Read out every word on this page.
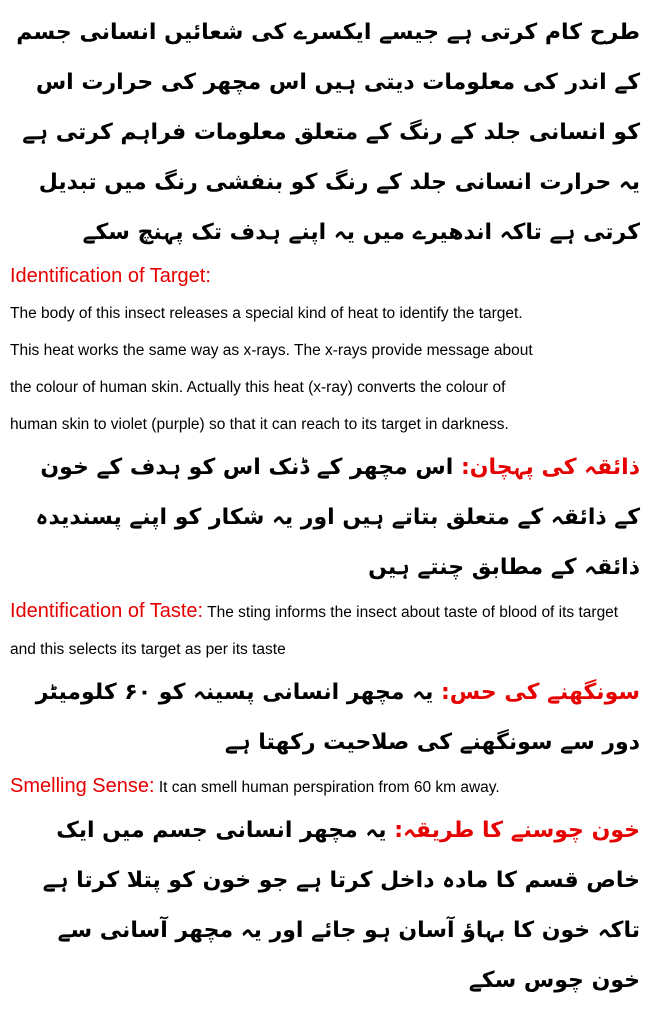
طرح کام کرتی ہے جیسے ایکسرے کی شعائیں انسانی جسم کے اندر کی معلومات دیتی ہیں اس مچھر کی حرارت اس کو انسانی جلد کے رنگ کے متعلق معلومات فراہم کرتی ہے یہ حرارت انسانی جلد کے رنگ کو بنفشی رنگ میں تبدیل کرتی ہے تاکہ اندھیرے میں یہ اپنے ہدف تک پہنچ سکے
Identification of Target:
The body of this insect releases a special kind of heat to identify the target.
This heat works the same way as x-rays. The x-rays provide message about
the colour of human skin. Actually this heat (x-ray) converts the colour of
human skin to violet (purple) so that it can reach to its target in darkness.
ذائقہ کی پہچان: اس مچھر کے ڈنک اس کو ہدف کے خون کے ذائقہ کے متعلق بتاتے ہیں اور یہ شکار کو اپنے پسندیدہ ذائقہ کے مطابق چنتے ہیں
Identification of Taste: The sting informs the insect about taste of blood of its target and this selects its target as per its taste
سونگھنے کی حس: یہ مچھر انسانی پسینہ کو ۶۰ کلومیٹر دور سے سونگھنے کی صلاحیت رکھتا ہے
Smelling Sense: It can smell human perspiration from 60 km away.
خون چوسنے کا طریقہ: یہ مچھر انسانی جسم میں ایک خاص قسم کا مادہ داخل کرتا ہے جو خون کو پتلا کرتا ہے تاکہ خون کا بہاؤ آسان ہو جائے اور یہ مچھر آسانی سے خون چوس سکے
